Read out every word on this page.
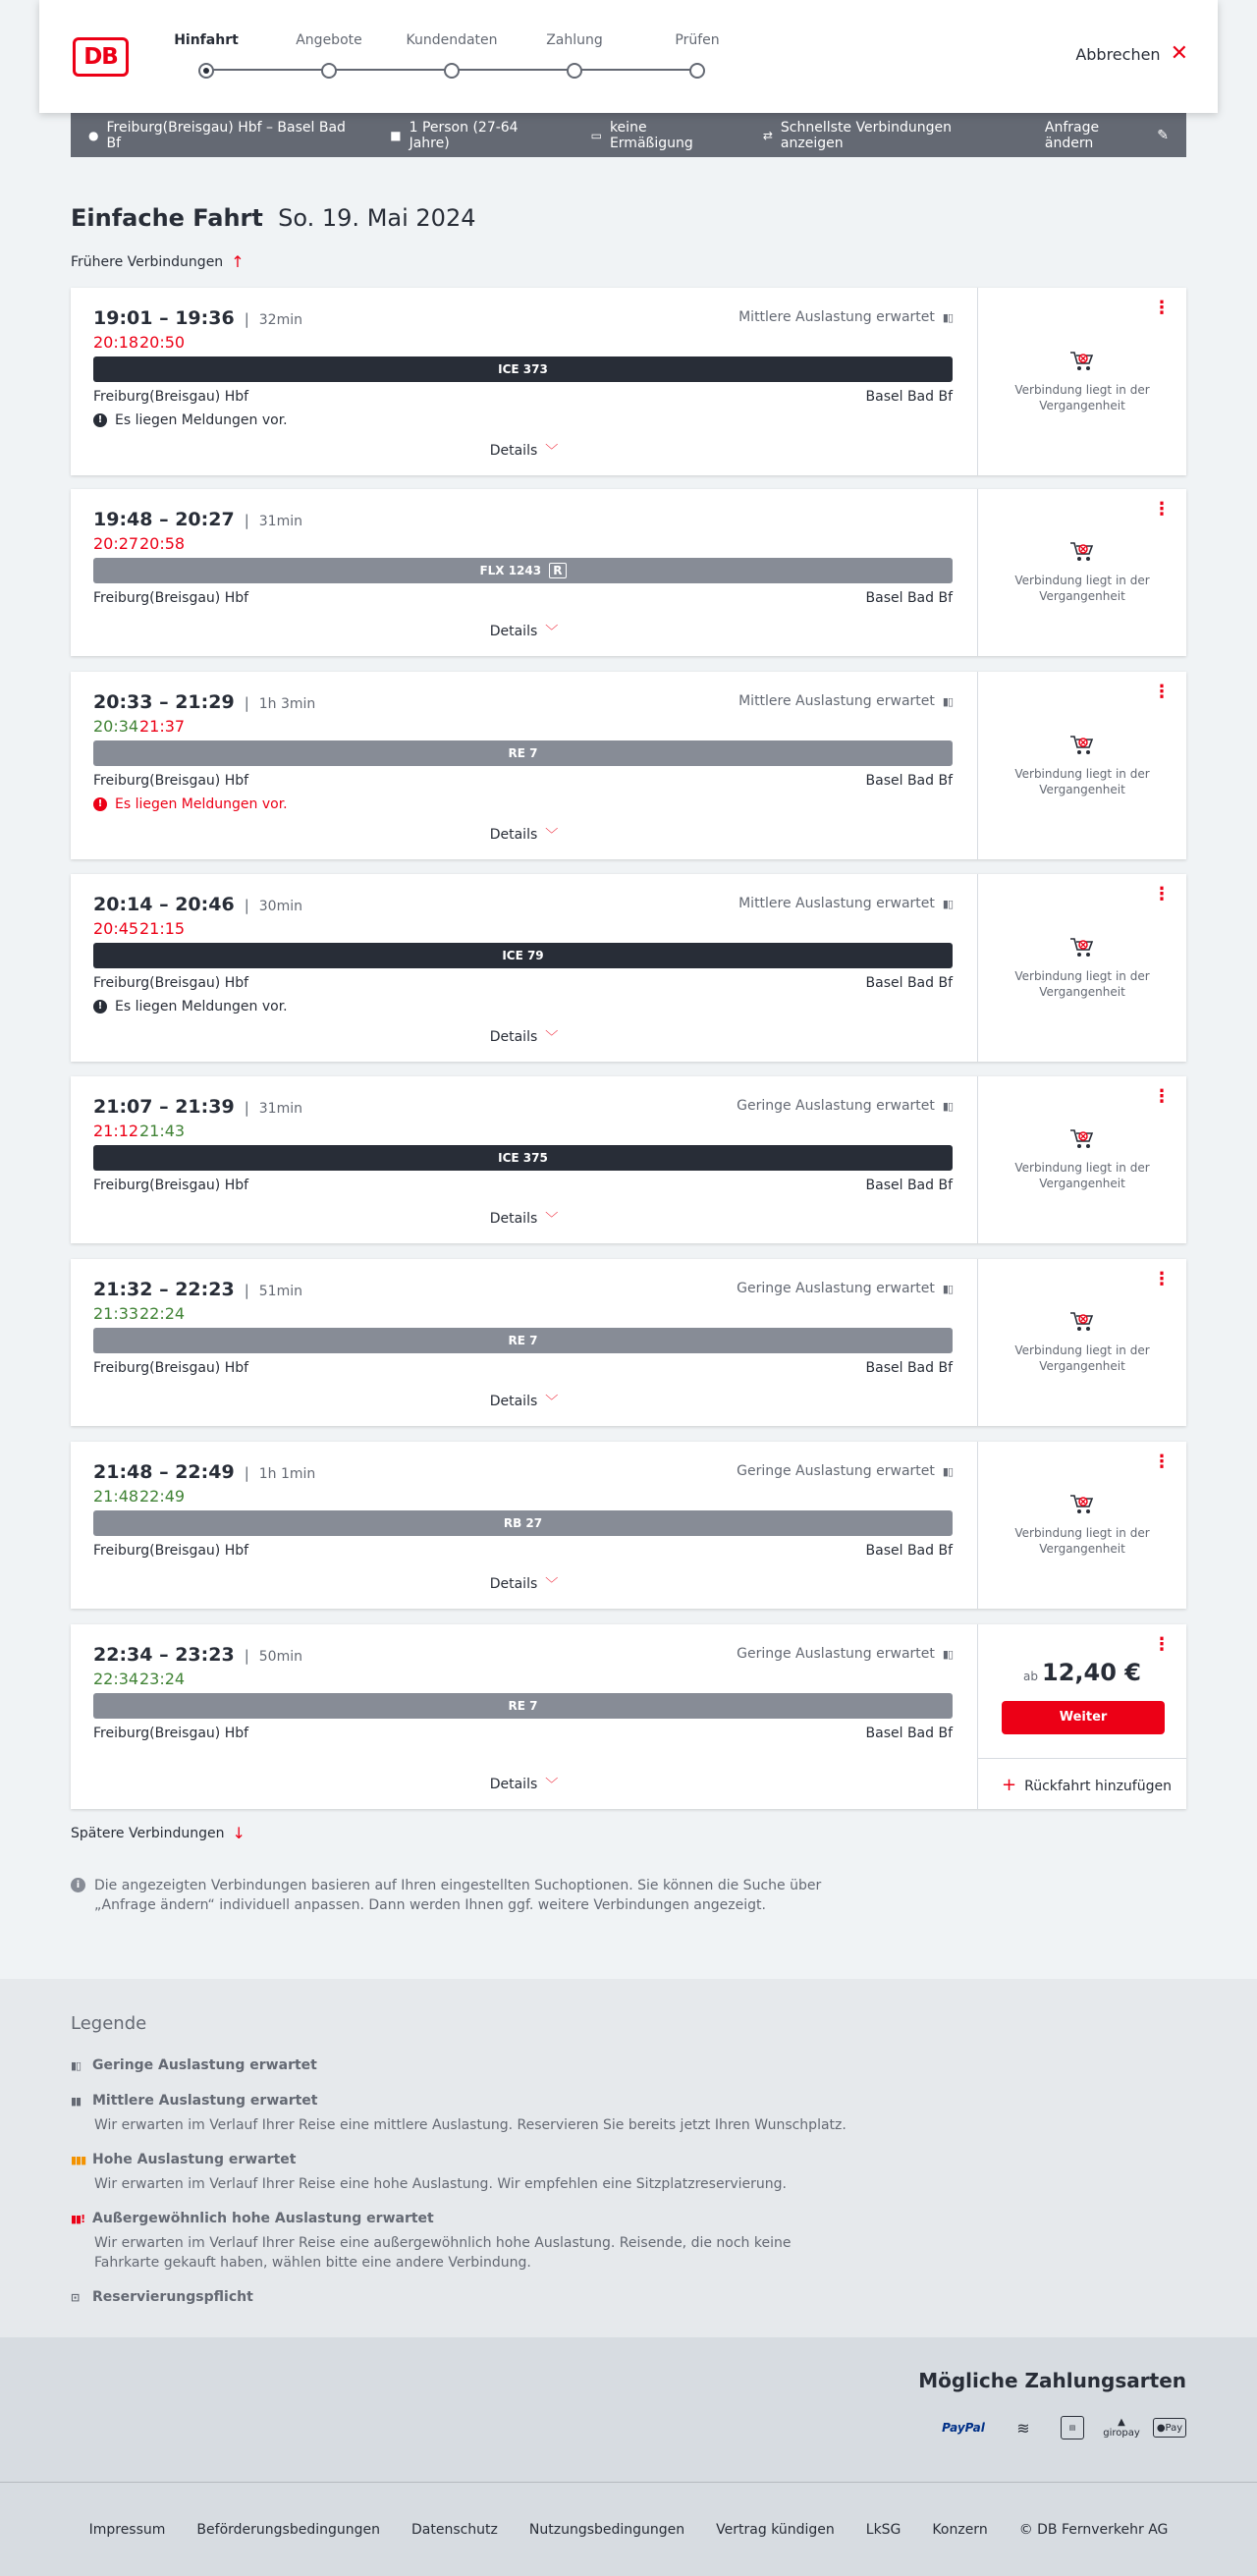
DB
Hinfahrt	Angebote	Kundendaten	Zahlung	Prüfen
Abbrechen ✕
● Freiburg(Breisgau) Hbf – Basel Bad Bf	■ 1 Person (27-64 Jahre)	▭ keine Ermäßigung	⇄ Schnellste Verbindungen anzeigen
Anfrage ändern	✎
Einfache Fahrt So. 19. Mai 2024
Frühere Verbindungen ↑
19:01 – 19:36 | 32min
20:18 20:50
Mittlere Auslastung erwartet ▮▯
ICE 373
Freiburg(Breisgau) Hbf	Basel Bad Bf
! Es liegen Meldungen vor.
Details ﹀
⋮
Verbindung liegt in der Vergangenheit
19:48 – 20:27 | 31min
20:27 20:58
FLX 1243 R
Freiburg(Breisgau) Hbf	Basel Bad Bf
Details ﹀
⋮
Verbindung liegt in der Vergangenheit
20:33 – 21:29 | 1h 3min
20:34 21:37
Mittlere Auslastung erwartet ▮▯
RE 7
Freiburg(Breisgau) Hbf	Basel Bad Bf
! Es liegen Meldungen vor.
Details ﹀
⋮
Verbindung liegt in der Vergangenheit
20:14 – 20:46 | 30min
20:45 21:15
Mittlere Auslastung erwartet ▮▯
ICE 79
Freiburg(Breisgau) Hbf	Basel Bad Bf
! Es liegen Meldungen vor.
Details ﹀
⋮
Verbindung liegt in der Vergangenheit
21:07 – 21:39 | 31min
21:12 21:43
Geringe Auslastung erwartet ▮▯
ICE 375
Freiburg(Breisgau) Hbf	Basel Bad Bf
Details ﹀
⋮
Verbindung liegt in der Vergangenheit
21:32 – 22:23 | 51min
21:33 22:24
Geringe Auslastung erwartet ▮▯
RE 7
Freiburg(Breisgau) Hbf	Basel Bad Bf
Details ﹀
⋮
Verbindung liegt in der Vergangenheit
21:48 – 22:49 | 1h 1min
21:48 22:49
Geringe Auslastung erwartet ▮▯
RB 27
Freiburg(Breisgau) Hbf	Basel Bad Bf
Details ﹀
⋮
Verbindung liegt in der Vergangenheit
22:34 – 23:23 | 50min
22:34 23:24
Geringe Auslastung erwartet ▮▯
RE 7
Freiburg(Breisgau) Hbf	Basel Bad Bf
Details ﹀
⋮
ab 12,40 €
Weiter
+ Rückfahrt hinzufügen
Spätere Verbindungen ↓
i	Die angezeigten Verbindungen basieren auf Ihren eingestellten Suchoptionen. Sie können die Suche über „Anfrage ändern“ individuell anpassen. Dann werden Ihnen ggf. weitere Verbindungen angezeigt.
Legende
▮▯ Geringe Auslastung erwartet
▮▮ Mittlere Auslastung erwartet
Wir erwarten im Verlauf Ihrer Reise eine mittlere Auslastung. Reservieren Sie bereits jetzt Ihren Wunschplatz.
▮▮▮ Hohe Auslastung erwartet
Wir erwarten im Verlauf Ihrer Reise eine hohe Auslastung. Wir empfehlen eine Sitzplatzreservierung.
▮▮! Außergewöhnlich hohe Auslastung erwartet
Wir erwarten im Verlauf Ihrer Reise eine außergewöhnlich hohe Auslastung. Reisende, die noch keine Fahrkarte gekauft haben, wählen bitte eine andere Verbindung.
⊡ Reservierungspflicht
Mögliche Zahlungsarten
PayPal	≋	▤	▲
giropay ● Pay
Impressum Beförderungsbedingungen Datenschutz Nutzungsbedingungen Vertrag kündigen LkSG Konzern © DB Fernverkehr AG
